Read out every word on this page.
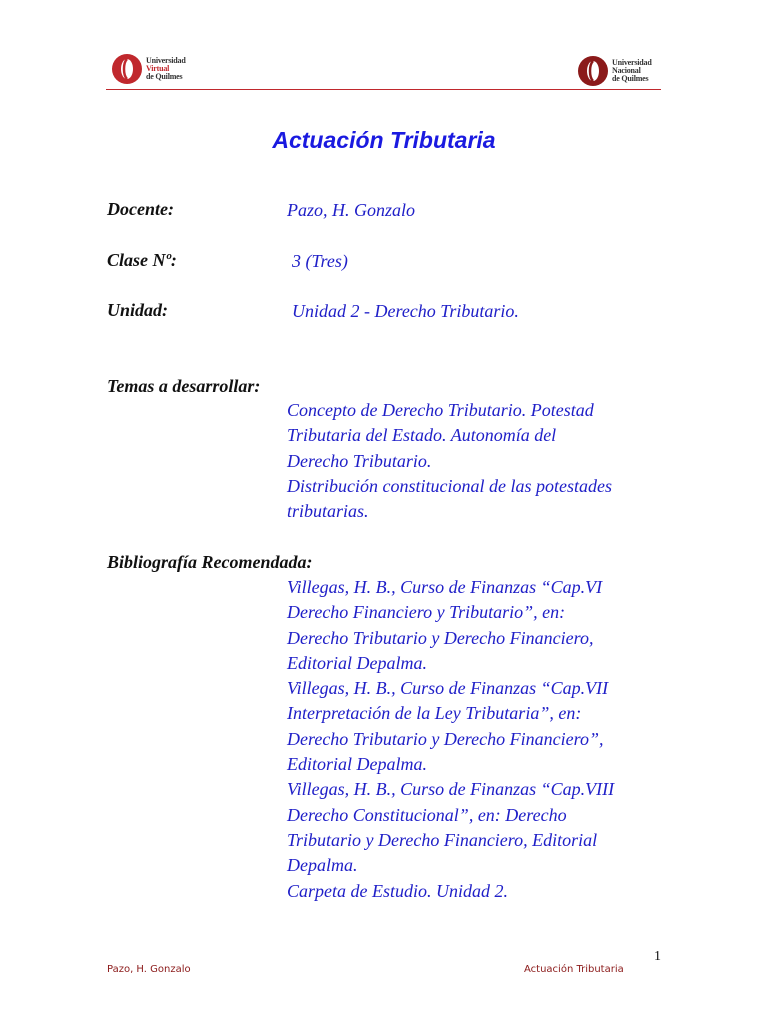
Universidad
Virtual
de Quilmes
Universidad
Nacional
de Quilmes
Actuación Tributaria
Docente:	Pazo, H. Gonzalo
Clase Nº:	3 (Tres)
Unidad:	Unidad 2 - Derecho Tributario.
Temas a desarrollar:
Concepto de Derecho Tributario. Potestad
Tributaria del Estado. Autonomía del
Derecho Tributario.
Distribución constitucional de las potestades
tributarias.
Bibliografía Recomendada:
Villegas, H. B., Curso de Finanzas “Cap.VI
Derecho Financiero y Tributario”, en:
Derecho Tributario y Derecho Financiero,
Editorial Depalma.
Villegas, H. B., Curso de Finanzas “Cap.VII
Interpretación de la Ley Tributaria”, en:
Derecho Tributario y Derecho Financiero”,
Editorial Depalma.
Villegas, H. B., Curso de Finanzas “Cap.VIII
Derecho Constitucional”, en: Derecho
Tributario y Derecho Financiero, Editorial
Depalma.
Carpeta de Estudio. Unidad 2.
1
Pazo, H. Gonzalo	Actuación Tributaria
